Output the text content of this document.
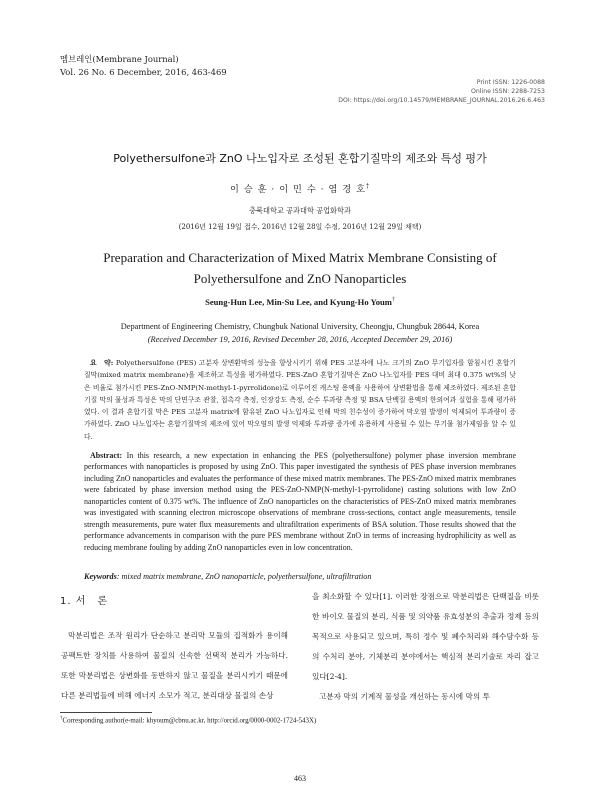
멤브레인(Membrane Journal)
Vol. 26 No. 6 December, 2016, 463-469
Print ISSN: 1226-0088
Online ISSN: 2288-7253
DOI: https://doi.org/10.14579/MEMBRANE_JOURNAL.2016.26.6.463
Polyethersulfone과 ZnO 나노입자로 조성된 혼합기질막의 제조와 특성 평가
이 승 훈 · 이 민 수 · 염 경 호†
충북대학교 공과대학 공업화학과
(2016년 12월 19일 접수, 2016년 12월 28일 수정, 2016년 12월 29일 채택)
Preparation and Characterization of Mixed Matrix Membrane Consisting of Polyethersulfone and ZnO Nanoparticles
Seung-Hun Lee, Min-Su Lee, and Kyung-Ho Youm†
Department of Engineering Chemistry, Chungbuk National University, Cheongju, Chungbuk 28644, Korea
(Received December 19, 2016, Revised December 28, 2016, Accepted December 29, 2016)
요　약: Polyethersulfone (PES) 고분자 상변환막의 성능을 향상시키기 위해 PES 고분자에 나노 크기의 ZnO 무기입자를 함침시킨 혼합기질막(mixed matrix membrane)을 제조하고 특성을 평가하였다. PES-ZnO 혼합기질막은 ZnO 나노입자를 PES 대비 최대 0.375 wt%의 낮은 비율로 첨가시킨 PES-ZnO-NMP(N-methyl-1-pyrrolidone)로 이루어진 캐스팅 용액을 사용하여 상변환법을 통해 제조하였다. 제조된 혼합기질 막의 물성과 특성은 막의 단면구조 관찰, 접촉각 측정, 인장강도 측정, 순수 투과량 측정 및 BSA 단백질 용액의 한외여과 실험을 통해 평가하였다. 이 결과 혼합기질 막은 PES 고분자 matrix에 함유된 ZnO 나노입자로 인해 막의 친수성이 증가하여 막오염 발생이 억제되어 투과량이 증가하였다. ZnO 나노입자는 혼합기질막의 제조에 있어 막오염의 발생 억제와 투과량 증가에 유용하게 사용될 수 있는 무기물 첨가제임을 알 수 있다.
Abstract: In this research, a new expectation in enhancing the PES (polyethersulfone) polymer phase inversion membrane performances with nanoparticles is proposed by using ZnO. This paper investigated the synthesis of PES phase inversion membranes including ZnO nanoparticles and evaluates the performance of these mixed matrix membranes. The PES-ZnO mixed matrix membranes were fabricated by phase inversion method using the PES-ZnO-NMP(N-methyl-1-pyrrolidone) casting solutions with low ZnO nanoparticles content of 0.375 wt%. The influence of ZnO nanoparticles on the characteristics of PES-ZnO mixed matrix membranes was investigated with scanning electron microscope observations of membrane cross-sections, contact angle measurements, tensile strength measurements, pure water flux measurements and ultrafiltration experiments of BSA solution. Those results showed that the performance advancements in comparison with the pure PES membrane without ZnO in terms of increasing hydrophilicity as well as reducing membrane fouling by adding ZnO nanoparticles even in low concentration.
Keywords: mixed matrix membrane, ZnO nanoparticle, polyethersulfone, ultrafiltration
1. 서　론
막분리법은 조작 원리가 단순하고 분리막 모듈의 집적화가 용이해 공팩트한 장치를 사용하여 물질의 신속한 선택적 분리가 가능하다. 또한 막분리법은 상변화를 동반하지 않고 물질을 분리시키기 때문에 다른 분리법들에 비해 에너지 소모가 적고, 분리대상 물질의 손상
을 최소화할 수 있다[1]. 이러한 장점으로 막분리법은 단백질을 비롯한 바이오 물질의 분리, 식품 및 의약품 유효성분의 추출과 정제 등의 목적으로 사용되고 있으며, 특히 정수 및 폐수처리와 해수담수화 등의 수처리 분야, 기체분리 분야에서는 핵심적 분리기술로 자리 잡고 있다[2-4].
고분자 막의 기계적 물성을 개선하는 동시에 막의 투
†Corresponding author(e-mail: khyoum@cbnu.ac.kr, http://orcid.org/0000-0002-1724-543X)
463
